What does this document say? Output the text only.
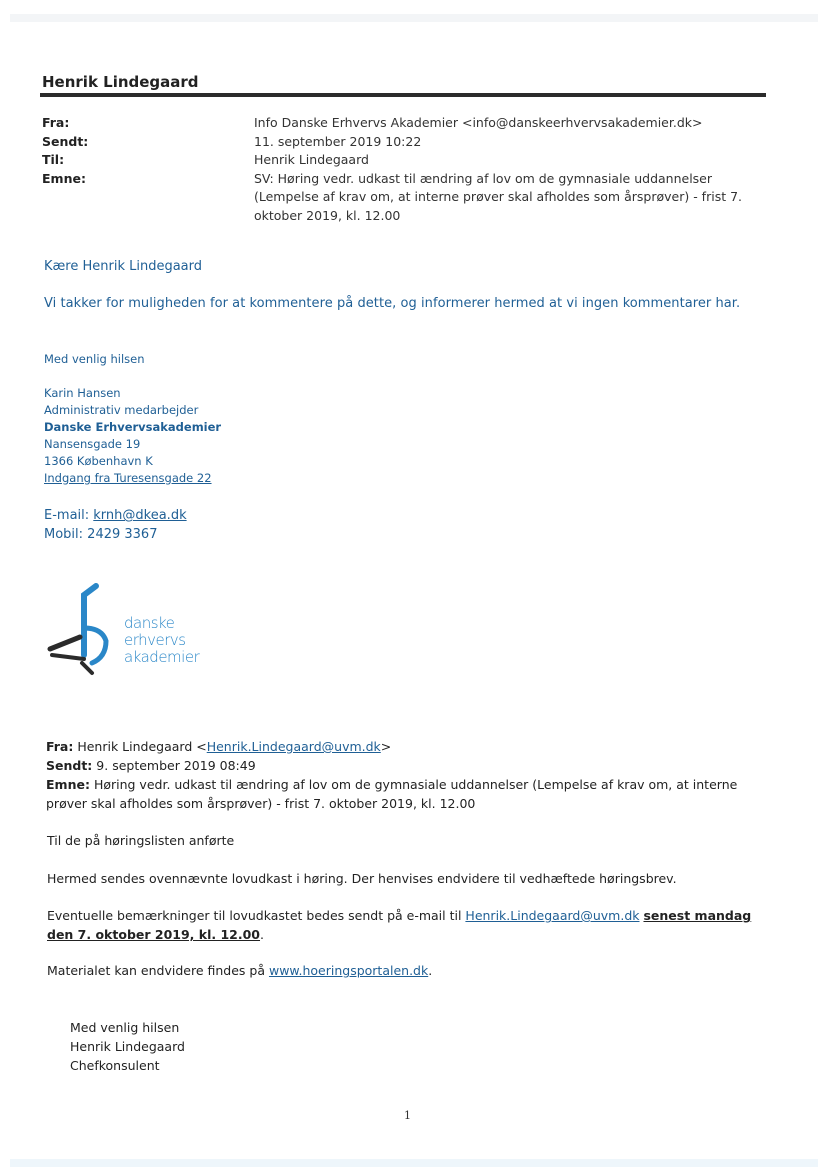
Henrik Lindegaard
Fra:	Info Danske Erhvervs Akademier <info@danskeerhvervsakademier.dk>
Sendt:	11. september 2019 10:22
Til:	Henrik Lindegaard
Emne:	SV: Høring vedr. udkast til ændring af lov om de gymnasiale uddannelser (Lempelse af krav om, at interne prøver skal afholdes som årsprøver) - frist 7. oktober 2019, kl. 12.00
Kære Henrik Lindegaard
Vi takker for muligheden for at kommentere på dette, og informerer hermed at vi ingen kommentarer har.
Med venlig hilsen
Karin Hansen
Administrativ medarbejder
Danske Erhvervsakademier
Nansensgade 19
1366 København K
Indgang fra Turesensgade 22
E-mail: krnh@dkea.dk
Mobil: 2429 3367
danske
erhvervs
akademier
Fra: Henrik Lindegaard <Henrik.Lindegaard@uvm.dk>
Sendt: 9. september 2019 08:49
Emne: Høring vedr. udkast til ændring af lov om de gymnasiale uddannelser (Lempelse af krav om, at interne prøver skal afholdes som årsprøver) - frist 7. oktober 2019, kl. 12.00
Til de på høringslisten anførte
Hermed sendes ovennævnte lovudkast i høring. Der henvises endvidere til vedhæftede høringsbrev.
Eventuelle bemærkninger til lovudkastet bedes sendt på e-mail til Henrik.Lindegaard@uvm.dk senest mandag den 7. oktober 2019, kl. 12.00.
Materialet kan endvidere findes på www.hoeringsportalen.dk.
Med venlig hilsen
Henrik Lindegaard
Chefkonsulent
1
